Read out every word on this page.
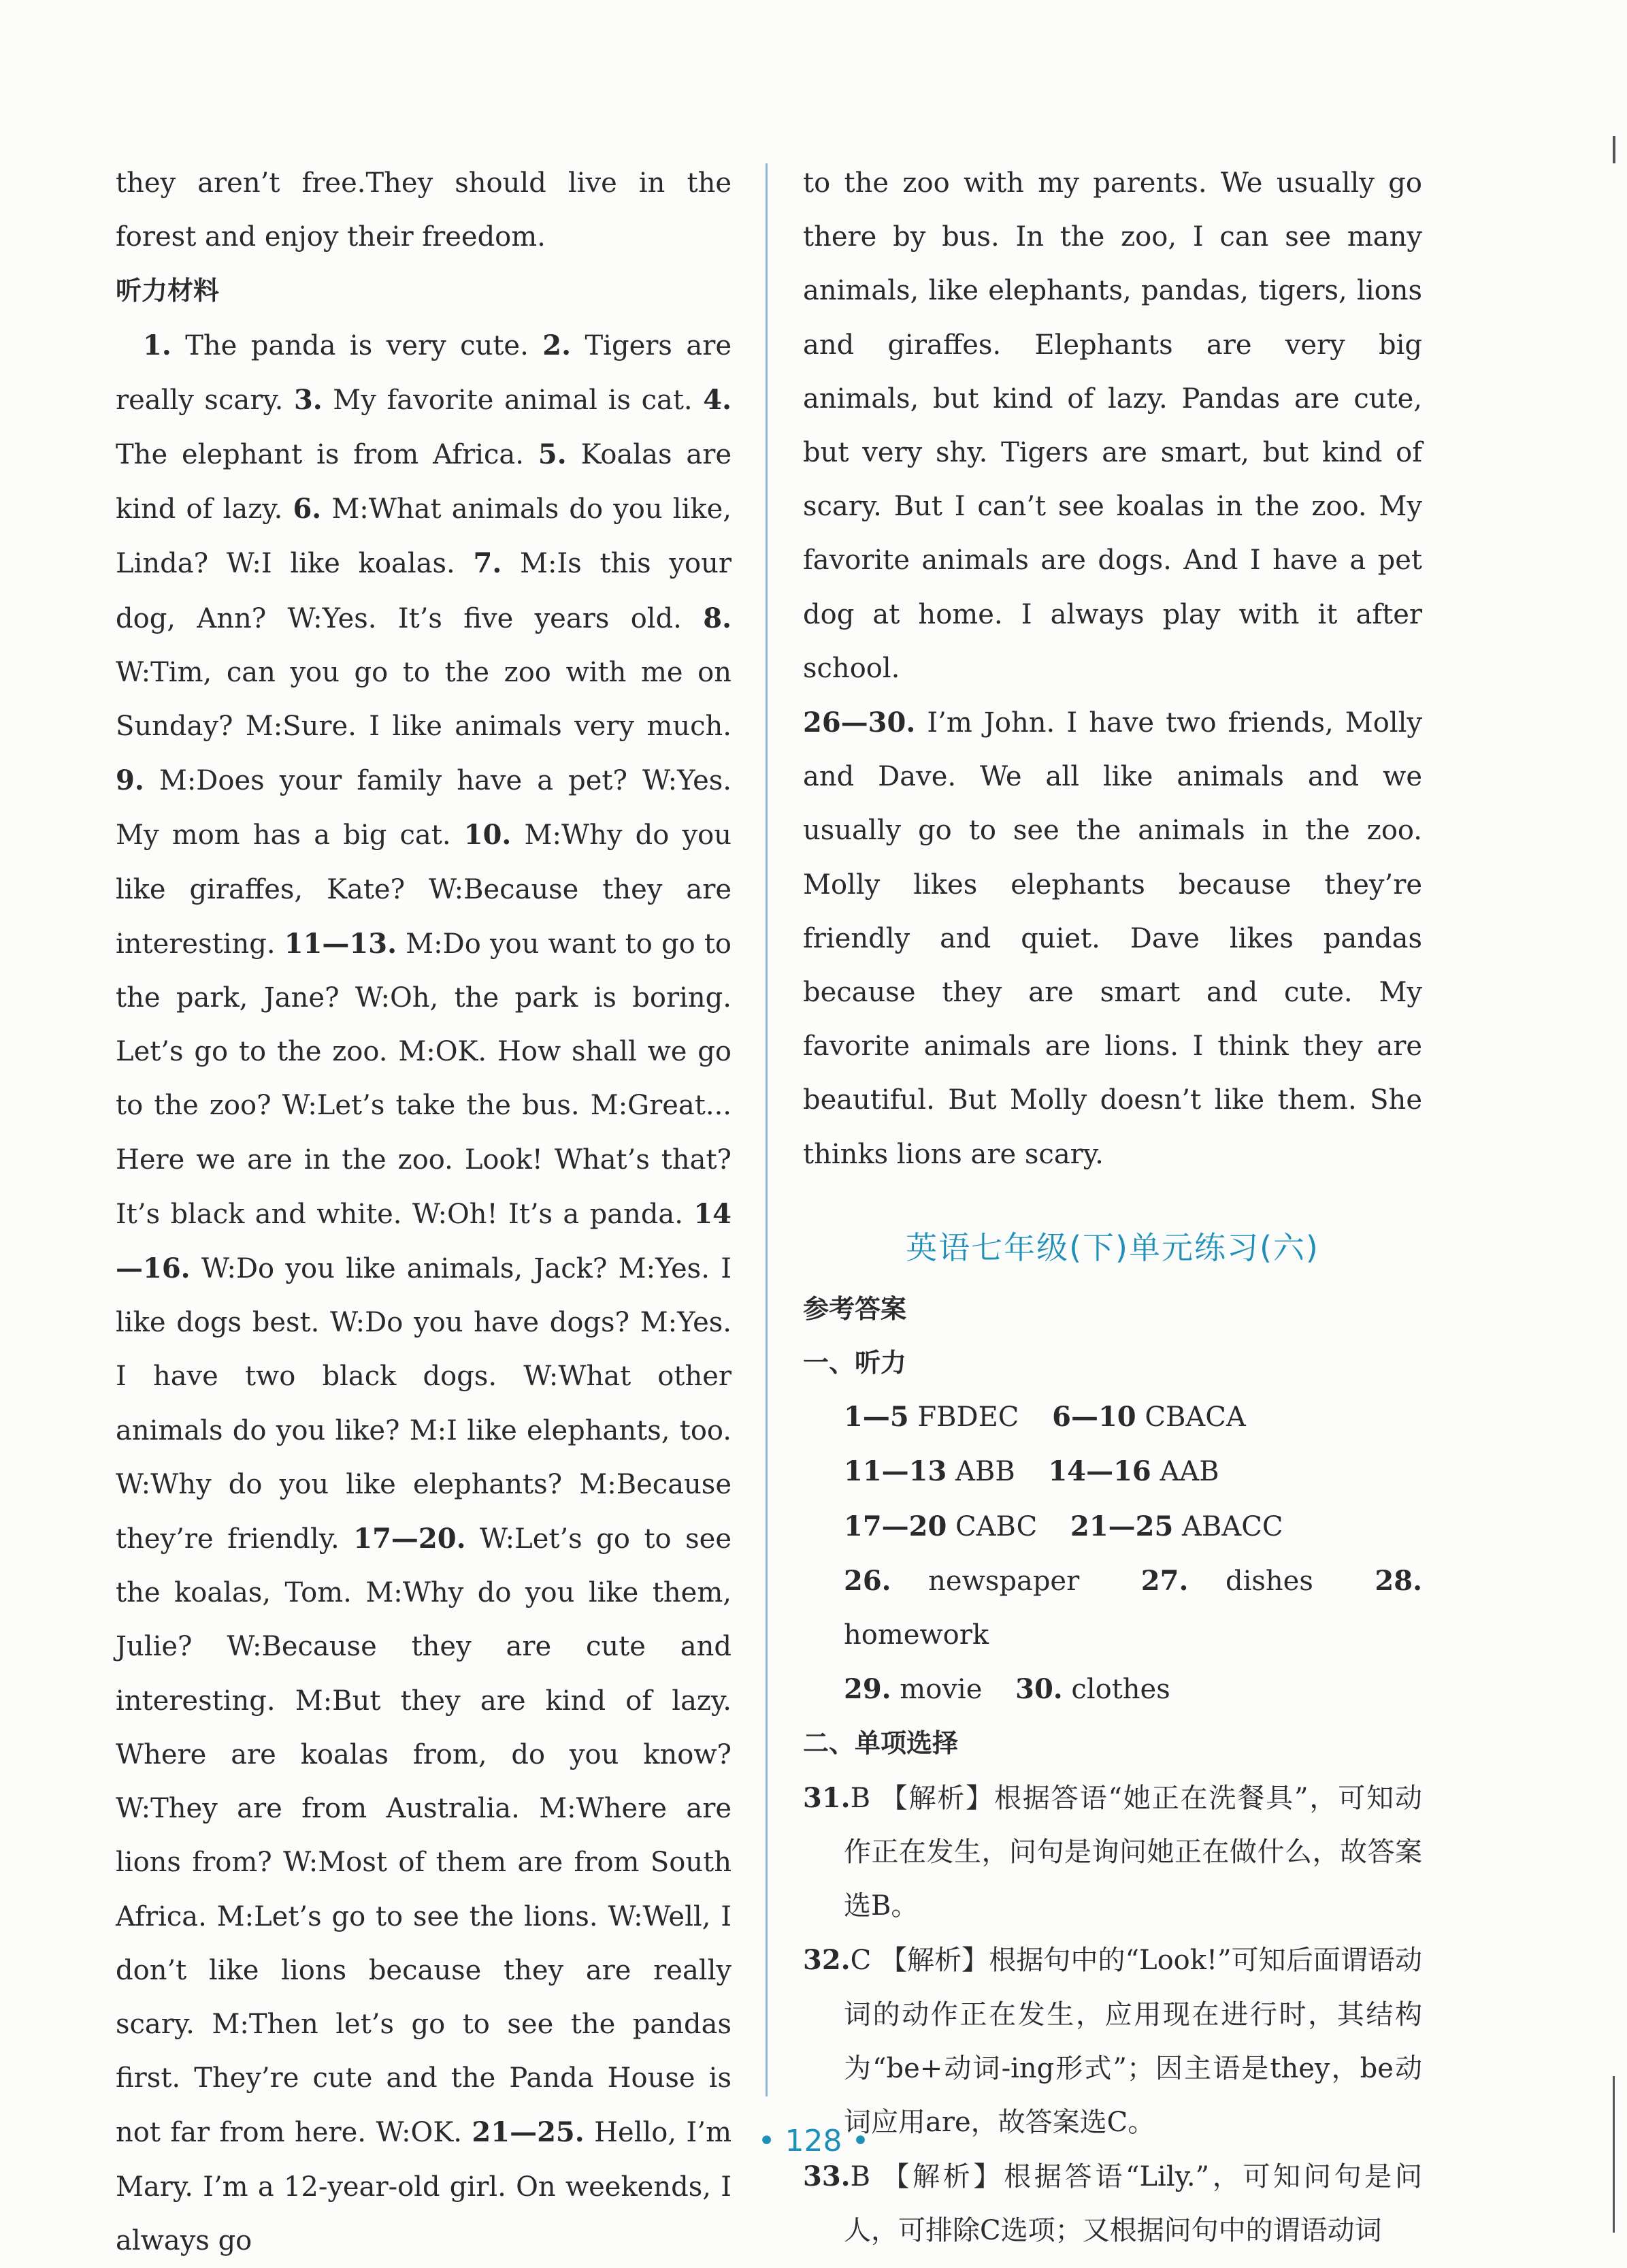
they aren’t free.They should live in the forest and enjoy their freedom.

听力材料

1. The panda is very cute. 2. Tigers are really scary. 3. My favorite animal is cat. 4. The elephant is from Africa. 5. Koalas are kind of lazy. 6. M:What animals do you like, Linda? W:I like koalas. 7. M:Is this your dog, Ann? W:Yes. It’s five years old. 8. W:Tim, can you go to the zoo with me on Sunday? M:Sure. I like animals very much. 9. M:Does your family have a pet? W:Yes. My mom has a big cat. 10. M:Why do you like giraffes, Kate? W:Because they are interesting. 11—13. M:Do you want to go to the park, Jane? W:Oh, the park is boring. Let’s go to the zoo. M:OK. How shall we go to the zoo? W:Let’s take the bus. M:Great... Here we are in the zoo. Look! What’s that? It’s black and white. W:Oh! It’s a panda. 14—16. W:Do you like animals, Jack? M:Yes. I like dogs best. W:Do you have dogs? M:Yes. I have two black dogs. W:What other animals do you like? M:I like elephants, too. W:Why do you like elephants? M:Because they’re friendly. 17—20. W:Let’s go to see the koalas, Tom. M:Why do you like them, Julie? W:Because they are cute and interesting. M:But they are kind of lazy. Where are koalas from, do you know? W:They are from Australia. M:Where are lions from? W:Most of them are from South Africa. M:Let’s go to see the lions. W:Well, I don’t like lions because they are really scary. M:Then let’s go to see the pandas first. They’re cute and the Panda House is not far from here. W:OK. 21—25. Hello, I’m Mary. I’m a 12-year-old girl. On weekends, I always go

to the zoo with my parents. We usually go there by bus. In the zoo, I can see many animals, like elephants, pandas, tigers, lions and giraffes. Elephants are very big animals, but kind of lazy. Pandas are cute, but very shy. Tigers are smart, but kind of scary. But I can’t see koalas in the zoo. My favorite animals are dogs. And I have a pet dog at home. I always play with it after school.

26—30. I’m John. I have two friends, Molly and Dave. We all like animals and we usually go to see the animals in the zoo. Molly likes elephants because they’re friendly and quiet. Dave likes pandas because they are smart and cute. My favorite animals are lions. I think they are beautiful. But Molly doesn’t like them. She thinks lions are scary.

英语七年级(下)单元练习(六)

参考答案

一、听力

1—5 FBDEC 6—10 CBACA

11—13 ABB 14—16 AAB

17—20 CABC 21—25 ABACC

26. newspaper 27. dishes 28. homework

29. movie 30. clothes

二、单项选择

31.B 【解析】根据答语“她正在洗餐具”，可知动作正在发生，问句是询问她正在做什么，故答案选B。

32.C 【解析】根据句中的“Look!”可知后面谓语动词的动作正在发生，应用现在进行时，其结构为“be+动词-ing形式”；因主语是they，be动词应用are，故答案选C。

33.B 【解析】根据答语“Lily.”，可知问句是问人，可排除C选项；又根据问句中的谓语动词

• 128 •
